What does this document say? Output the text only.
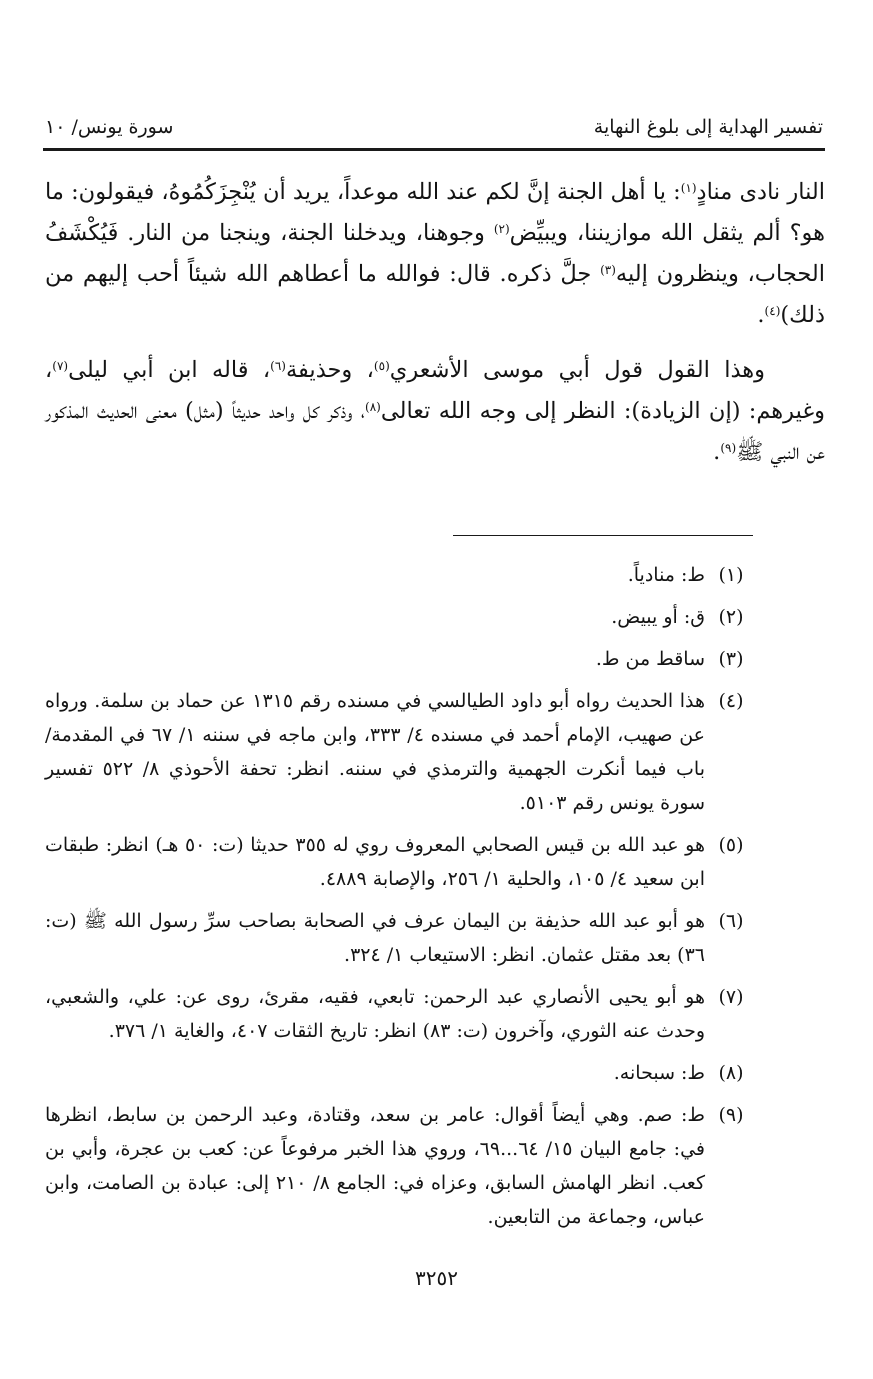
تفسير الهداية إلى بلوغ النهاية
سورة يونس/ ١٠

النار نادى منادٍ$^{(١)}$: يا أهل الجنة إنَّ لكم عند الله موعداً، يريد أن يُنْجِزَكُمُوهُ، فيقولون: ما هو؟ ألم يثقل الله موازيننا، ويبيِّض$^{(٢)}$ وجوهنا، ويدخلنا الجنة، وينجنا من النار. فَيُكْشَفُ الحجاب، وينظرون إليه$^{(٣)}$ جلَّ ذكره. قال: فوالله ما أعطاهم الله شيئاً أحب إليهم من ذلك)$^{(٤)}$.

وهذا القول قول أبي موسى الأشعري$^{(٥)}$، وحذيفة$^{(٦)}$، قاله ابن أبي ليلى$^{(٧)}$، وغيرهم: (إن الزيادة): النظر إلى وجه الله تعالى$^{(٨)}$، وذكر كل واحد حديثاً (مثل) معنى الحديث المذكور عن النبي ﷺ$^{(٩)}$.

(١)
ط: منادياً.
(٢)
ق: أو يبيض.
(٣)
ساقط من ط.
(٤)
هذا الحديث رواه أبو داود الطيالسي في مسنده رقم ١٣١٥ عن حماد بن سلمة. ورواه عن صهيب، الإمام أحمد في مسنده ٤/ ٣٣٣، وابن ماجه في سننه ١/ ٦٧ في المقدمة/ باب فيما أنكرت الجهمية والترمذي في سننه. انظر: تحفة الأحوذي ٨/ ٥٢٢ تفسير سورة يونس رقم ٥١٠٣.
(٥)
هو عبد الله بن قيس الصحابي المعروف روي له ٣٥٥ حديثا (ت: ٥٠ هـ) انظر: طبقات ابن سعيد ٤/ ١٠٥، والحلية ١/ ٢٥٦، والإصابة ٤٨٨٩.
(٦)
هو أبو عبد الله حذيفة بن اليمان عرف في الصحابة بصاحب سرِّ رسول الله ﷺ (ت: ٣٦) بعد مقتل عثمان. انظر: الاستيعاب ١/ ٣٢٤.
(٧)
هو أبو يحيى الأنصاري عبد الرحمن: تابعي، فقيه، مقرئ، روى عن: علي، والشعبي، وحدث عنه الثوري، وآخرون (ت: ٨٣) انظر: تاريخ الثقات ٤٠٧، والغاية ١/ ٣٧٦.
(٨)
ط: سبحانه.
(٩)
ط: صم. وهي أيضاً أقوال: عامر بن سعد، وقتادة، وعبد الرحمن بن سابط، انظرها في: جامع البيان ١٥/ ٦٤...٦٩، وروي هذا الخبر مرفوعاً عن: كعب بن عجرة، وأبي بن كعب. انظر الهامش السابق، وعزاه في: الجامع ٨/ ٢١٠ إلى: عبادة بن الصامت، وابن عباس، وجماعة من التابعين.
٣٢٥٢
